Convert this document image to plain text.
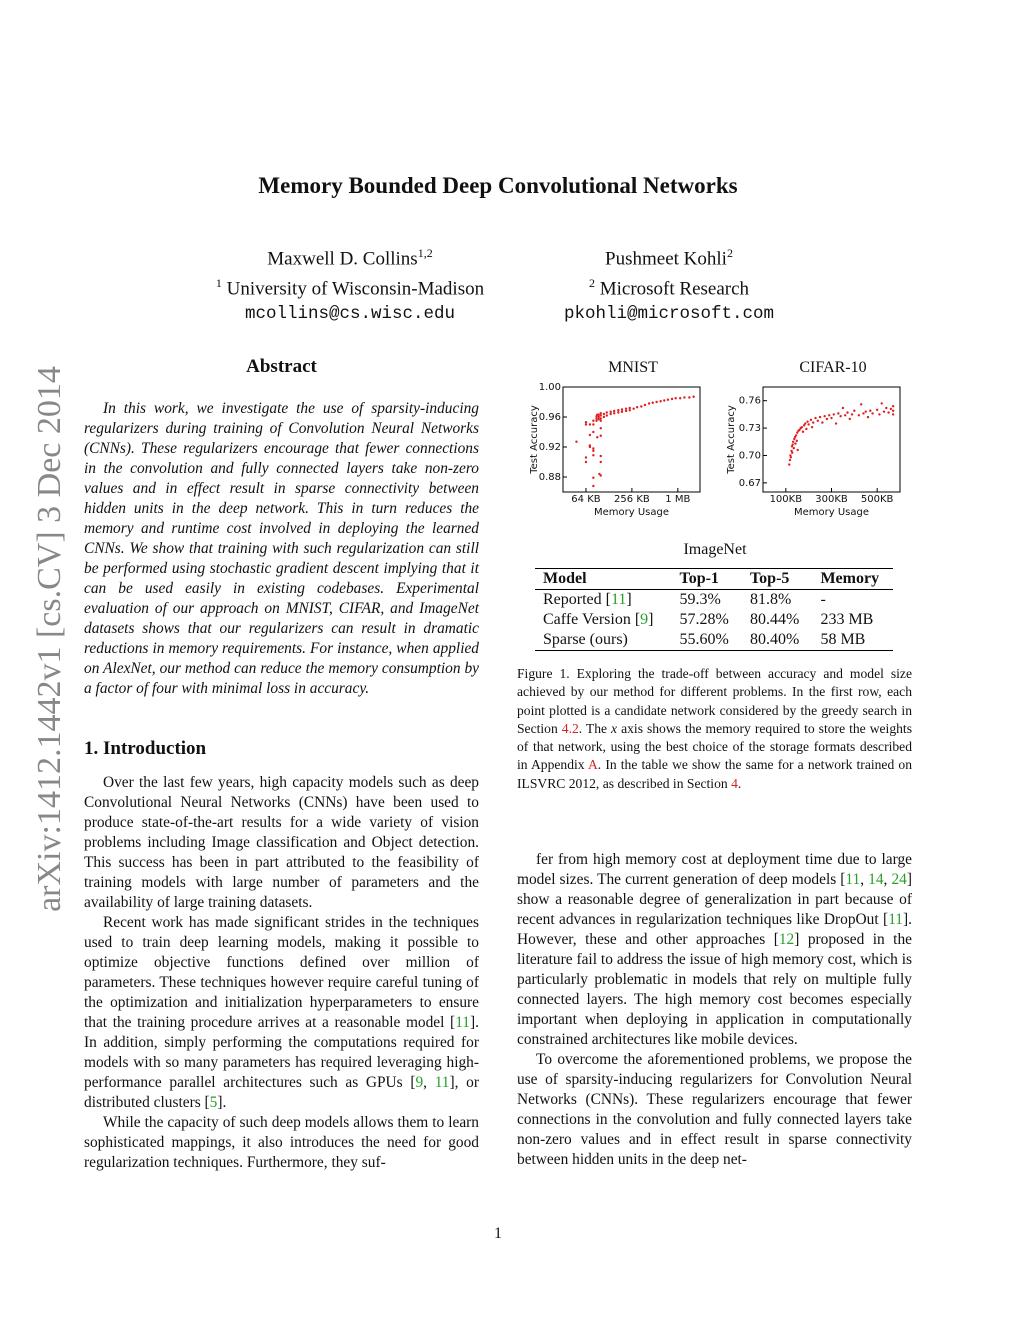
arXiv:1412.1442v1 [cs.CV] 3 Dec 2014
Memory Bounded Deep Convolutional Networks
Maxwell D. Collins$^{1,2}$
$^1$ University of Wisconsin-Madison
mcollins@cs.wisc.edu
Pushmeet Kohli$^2$
$^2$ Microsoft Research
pkohli@microsoft.com
Abstract

In this work, we investigate the use of sparsity-inducing regularizers during training of Convolution Neural Networks (CNNs). These regularizers encourage that fewer connections in the convolution and fully connected layers take non-zero values and in effect result in sparse connectivity between hidden units in the deep network. This in turn reduces the memory and runtime cost involved in deploying the learned CNNs. We show that training with such regularization can still be performed using stochastic gradient descent implying that it can be used easily in existing codebases. Experimental evaluation of our approach on MNIST, CIFAR, and ImageNet datasets shows that our regularizers can result in dramatic reductions in memory requirements. For instance, when applied on AlexNet, our method can reduce the memory consumption by a factor of four with minimal loss in accuracy.

1. Introduction

Over the last few years, high capacity models such as deep Convolutional Neural Networks (CNNs) have been used to produce state-of-the-art results for a wide variety of vision problems including Image classification and Object detection. This success has been in part attributed to the feasibility of training models with large number of parameters and the availability of large training datasets.

Recent work has made significant strides in the techniques used to train deep learning models, making it possible to optimize objective functions defined over million of parameters. These techniques however require careful tuning of the optimization and initialization hyperparameters to ensure that the training procedure arrives at a reasonable model [11]. In addition, simply performing the computations required for models with so many parameters has required leveraging high-performance parallel architectures such as GPUs [9, 11], or distributed clusters [5].

While the capacity of such deep models allows them to learn sophisticated mappings, it also introduces the need for good regularization techniques. Furthermore, they suf-

MNIST	CIFAR-10
64 KB 256 KB 1 MB
0.88
0.92
0.96
1.00
Memory Usage
Test Accuracy
100KB 300KB 500KB
0.67
0.70
0.73
0.76
Memory Usage
Test Accuracy
ImageNet
Model	Top-1	Top-5	Memory
Reported [11]	59.3%	81.8%	-
Caffe Version [9]	57.28%	80.44%	233 MB
Sparse (ours)	55.60%	80.40%	58 MB
Figure 1. Exploring the trade-off between accuracy and model size achieved by our method for different problems. In the first row, each point plotted is a candidate network considered by the greedy search in Section 4.2. The x axis shows the memory required to store the weights of that network, using the best choice of the storage formats described in Appendix A. In the table we show the same for a network trained on ILSVRC 2012, as described in Section 4.

fer from high memory cost at deployment time due to large model sizes. The current generation of deep models [11, 14, 24] show a reasonable degree of generalization in part because of recent advances in regularization techniques like DropOut [11]. However, these and other approaches [12] proposed in the literature fail to address the issue of high memory cost, which is particularly problematic in models that rely on multiple fully connected layers. The high memory cost becomes especially important when deploying in application in computationally constrained architectures like mobile devices.

To overcome the aforementioned problems, we propose the use of sparsity-inducing regularizers for Convolution Neural Networks (CNNs). These regularizers encourage that fewer connections in the convolution and fully connected layers take non-zero values and in effect result in sparse connectivity between hidden units in the deep net-

1
